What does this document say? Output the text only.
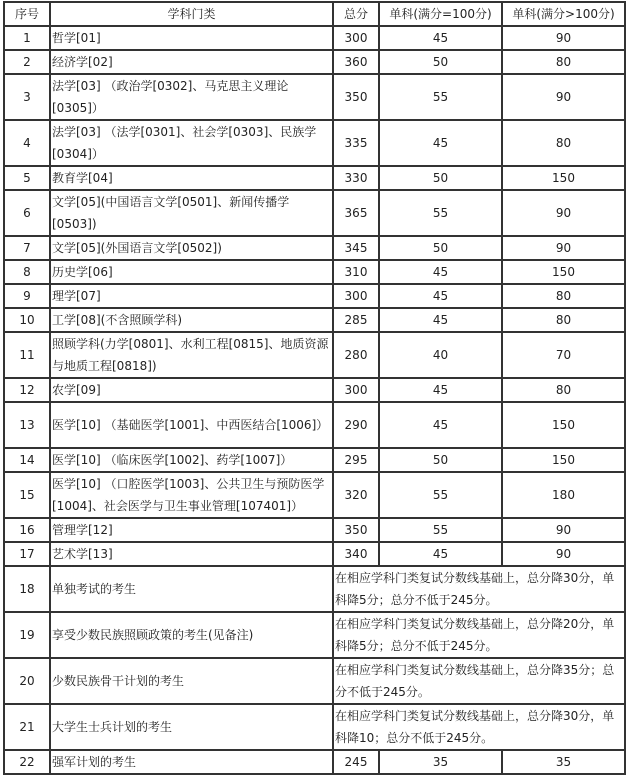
序号	学科门类	总分	单科(满分=100分)	单科(满分>100分)
1	哲学[01]	300	45	90
2	经济学[02]	360	50	80
3	法学[03] （政治学[0302]、马克思主义理论[0305]）	350	55	90
4	法学[03] （法学[0301]、社会学[0303]、民族学[0304]）	335	45	80
5	教育学[04]	330	50	150
6	文学[05](中国语言文学[0501]、新闻传播学[0503])	365	55	90
7	文学[05](外国语言文学[0502])	345	50	90
8	历史学[06]	310	45	150
9	理学[07]	300	45	80
10	工学[08](不含照顾学科)	285	45	80
11	照顾学科(力学[0801]、水利工程[0815]、地质资源与地质工程[0818])	280	40	70
12	农学[09]	300	45	80
13	医学[10] （基础医学[1001]、中西医结合[1006]）	290	45	150
14	医学[10] （临床医学[1002]、药学[1007]）	295	50	150
15	医学[10] （口腔医学[1003]、公共卫生与预防医学[1004]、社会医学与卫生事业管理[107401]）	320	55	180
16	管理学[12]	350	55	90
17	艺术学[13]	340	45	90
18	单独考试的考生	在相应学科门类复试分数线基础上，总分降30分，单科降5分；总分不低于245分。		
19	享受少数民族照顾政策的考生(见备注)	在相应学科门类复试分数线基础上，总分降20分，单科降5分；总分不低于245分。		
20	少数民族骨干计划的考生	在相应学科门类复试分数线基础上，总分降35分；总分不低于245分。		
21	大学生士兵计划的考生	在相应学科门类复试分数线基础上，总分降30分，单科降10；总分不低于245分。		
22	强军计划的考生	245	35	35
